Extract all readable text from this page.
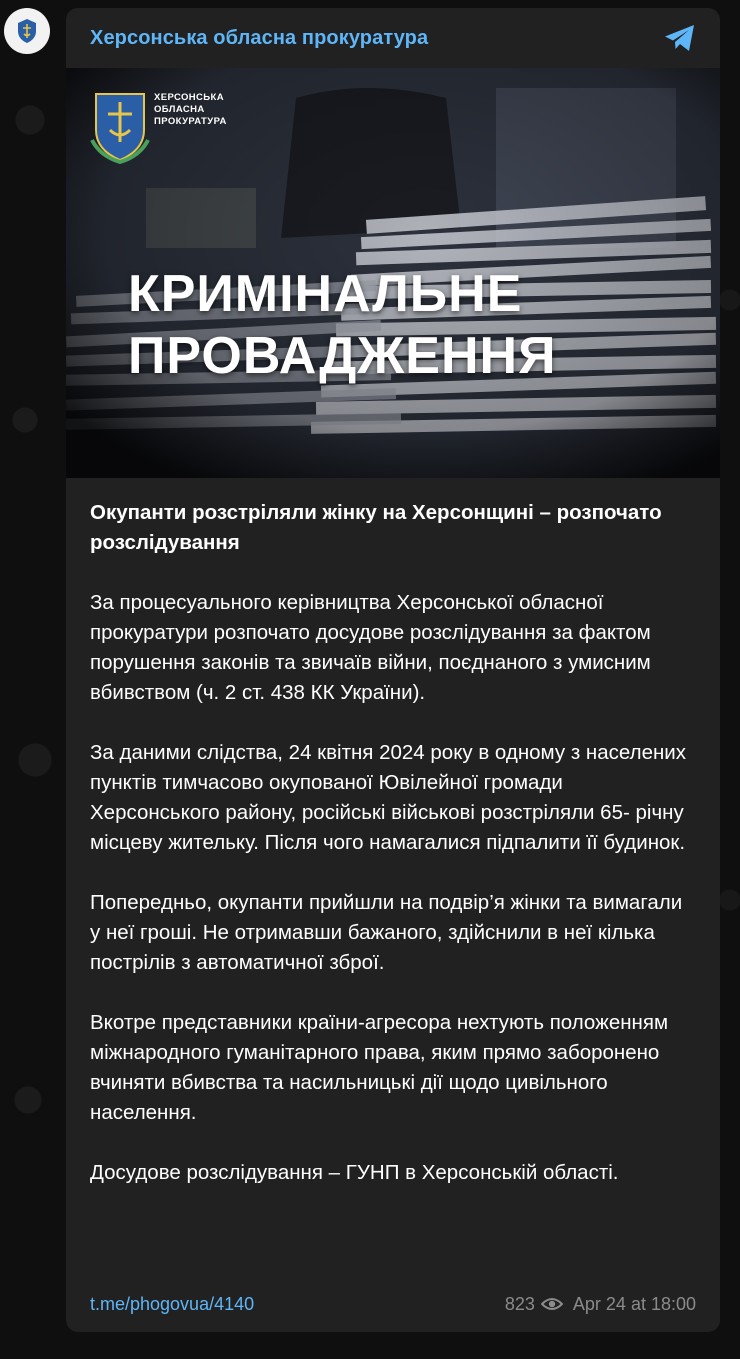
Херсонська обласна прокуратура
ХЕРСОНСЬКА
ОБЛАСНА
ПРОКУРАТУРА
КРИМІНАЛЬНЕ
ПРОВАДЖЕННЯ

Окупанти розстріляли жінку на Херсонщині – розпочато розслідування

За процесуального керівництва Херсонської обласної прокуратури розпочато досудове розслідування за фактом порушення законів та звичаїв війни, поєднаного з умисним вбивством (ч. 2 ст. 438 КК України).

За даними слідства, 24 квітня 2024 року в одному з населених пунктів тимчасово окупованої Ювілейної громади Херсонського району, російські військові розстріляли 65- річну місцеву жительку. Після чого намагалися підпалити її будинок.

Попередньо, окупанти прийшли на подвір’я жінки та вимагали у неї гроші. Не отримавши бажаного, здійснили в неї кілька пострілів з автоматичної зброї.

Вкотре представники країни-агресора нехтують положенням міжнародного гуманітарного права, яким прямо заборонено вчиняти вбивства та насильницькі дії щодо цивільного населення.

Досудове розслідування – ГУНП в Херсонській області.

t.me/phogovua/4140	823 Apr 24 at 18:00
